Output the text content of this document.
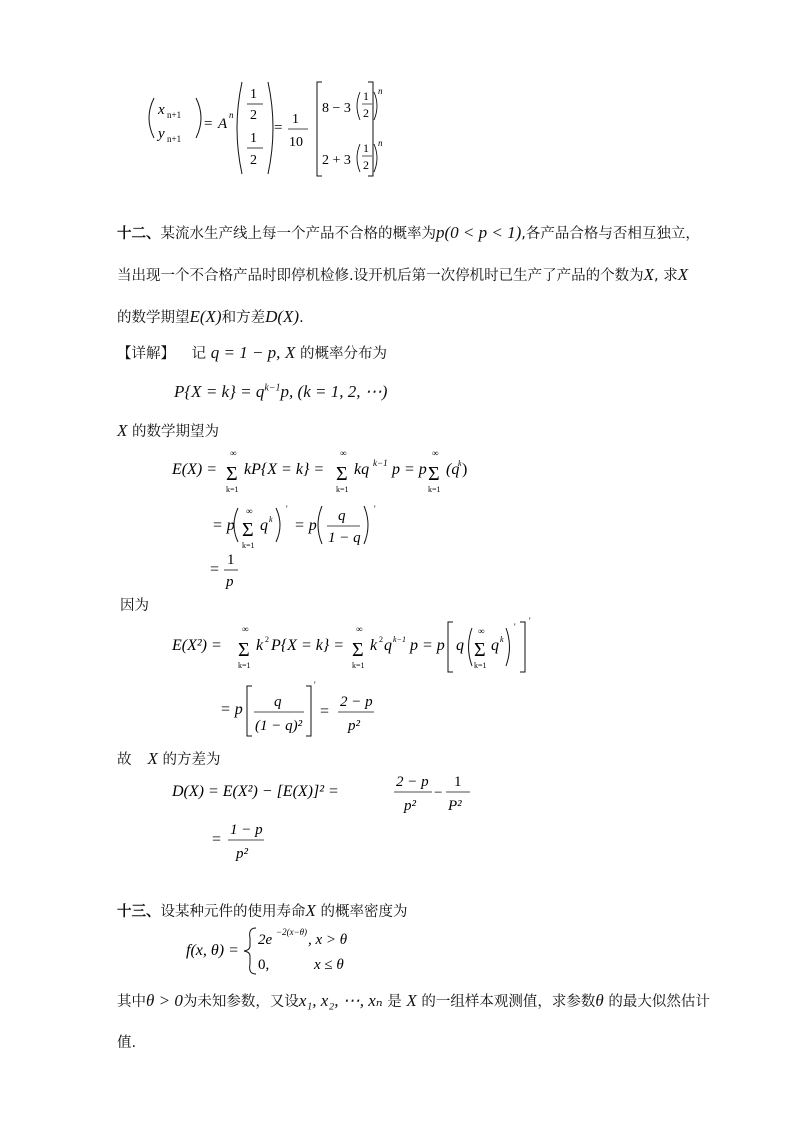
x n+1
y n+1
= A
n
1
2
1
2
=
1
10
8 − 3
1
2
n
2 + 3
1
2
n
十二、某流水生产线上每一个产品不合格的概率为p(0 < p < 1),各产品合格与否相互独立，
当出现一个不合格产品时即停机检修.设开机后第一次停机时已生产了产品的个数为X, 求X
的数学期望E(X)和方差D(X).
【详解】 记 q = 1 − p, X 的概率分布为
$P\{X = k\} = q^{k-1}p$, (k = 1, 2, ⋯)
X 的数学期望为
E(X) =
∞
Σ
k=1
kP{X = k} =
∞
Σ
k=1
kq k−1 p = p
∞
Σ
k=1
(q
k )
= p
∞
Σ
k=1
q k
'
= p
q
1 − q
'
=
1
p
因为
E(X²) =
∞
Σ
k=1
k 2 P{X = k} =
∞
Σ
k=1
k 2 q k−1 p = p q
∞
Σ
k=1
q k
'
'
= p q
(1 − q)²
'
=
2 − p
p²
故 X 的方差为
D(X) = E(X²) − [E(X)]² =
2 − p
p²
−
1
P²
=
1 − p
p²
十三、设某种元件的使用寿命X 的概率密度为
f(x, θ) =
2e −2(x−θ) , x > θ
0,	x ≤ θ
其中θ > 0为未知参数，又设x₁, x₂, ⋯, xₙ 是 X 的一组样本观测值，求参数θ 的最大似然估计
值.
